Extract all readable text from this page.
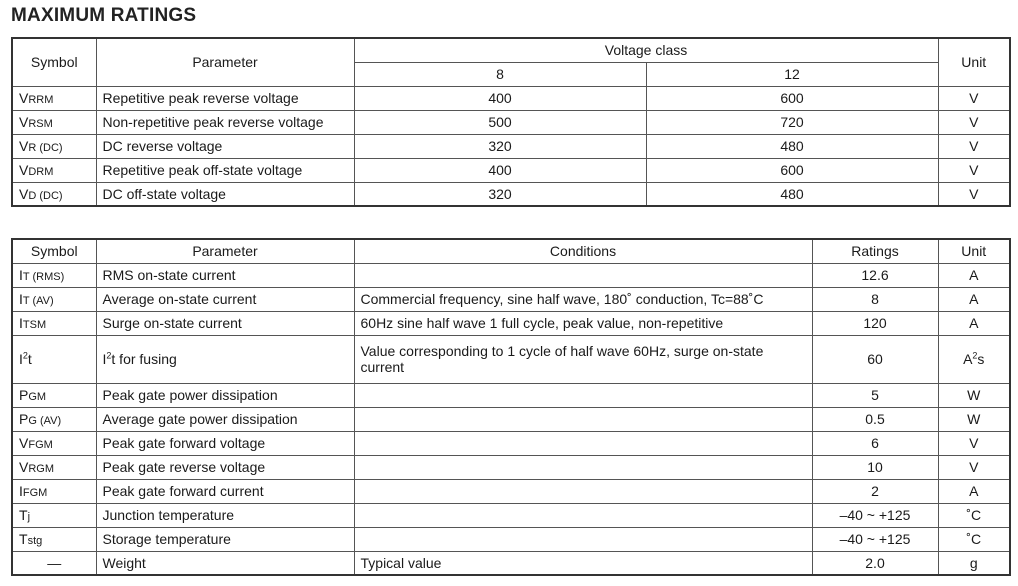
MAXIMUM RATINGS
Symbol	Parameter	Voltage class		Unit
		8	12	
VRRM	Repetitive peak reverse voltage	400	600	V
VRSM	Non-repetitive peak reverse voltage	500	720	V
VR (DC)	DC reverse voltage	320	480	V
VDRM	Repetitive peak off-state voltage	400	600	V
VD (DC)	DC off-state voltage	320	480	V
Symbol	Parameter	Conditions	Ratings	Unit
IT (RMS)	RMS on-state current		12.6	A
IT (AV)	Average on-state current	Commercial frequency, sine half wave, 180˚ conduction, Tc=88˚C	8	A
ITSM	Surge on-state current	60Hz sine half wave 1 full cycle, peak value, non-repetitive	120	A
$I^2t$	$I^2t$ for fusing	Value corresponding to 1 cycle of half wave 60Hz, surge on-state current	60	$A^2s$
PGM	Peak gate power dissipation		5	W
PG (AV)	Average gate power dissipation		0.5	W
VFGM	Peak gate forward voltage		6	V
VRGM	Peak gate reverse voltage		10	V
IFGM	Peak gate forward current		2	A
Tj	Junction temperature		–40 ~ +125	˚C
Tstg	Storage temperature		–40 ~ +125	˚C
—	Weight	Typical value	2.0	g
